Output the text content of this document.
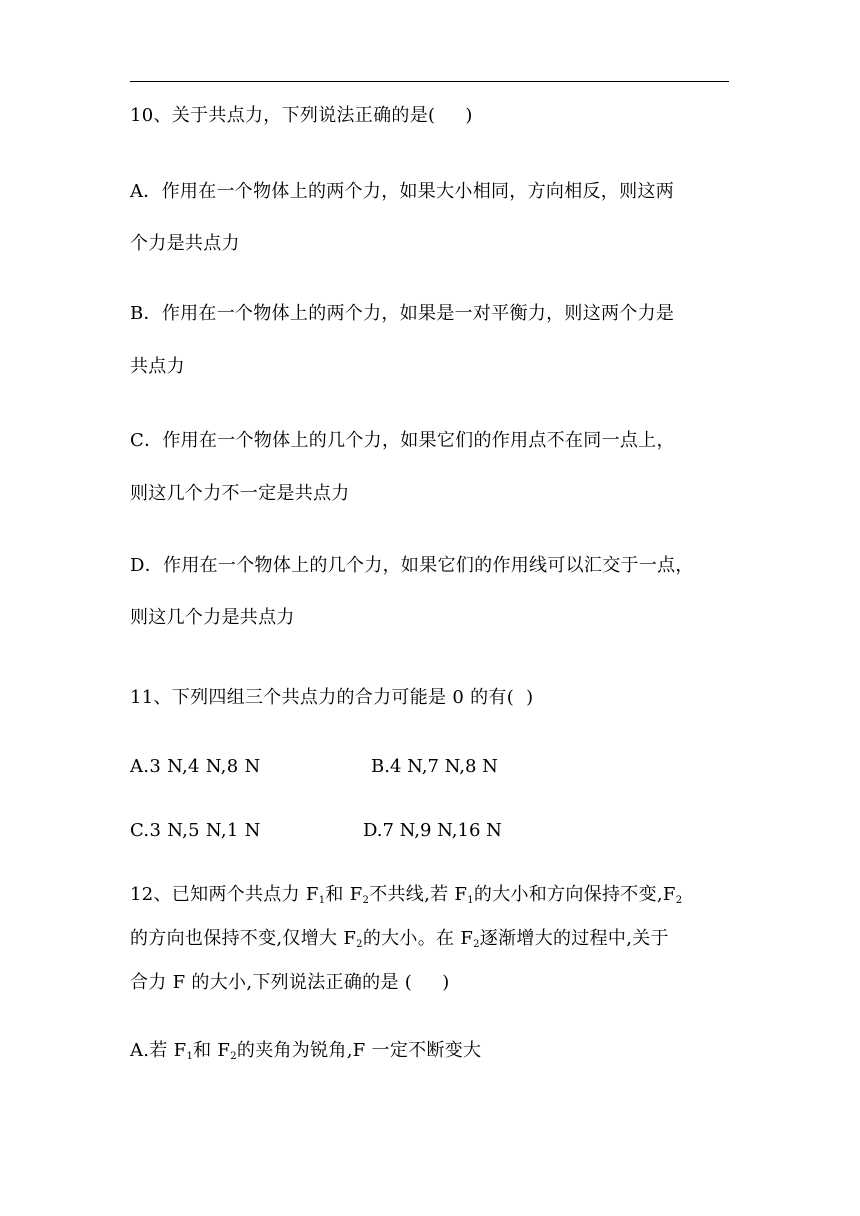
10、关于共点力，下列说法正确的是(     )
A．作用在一个物体上的两个力，如果大小相同，方向相反，则这两
个力是共点力
B．作用在一个物体上的两个力，如果是一对平衡力，则这两个力是
共点力
C．作用在一个物体上的几个力，如果它们的作用点不在同一点上，
则这几个力不一定是共点力
D．作用在一个物体上的几个力，如果它们的作用线可以汇交于一点，
则这几个力是共点力
11、下列四组三个共点力的合力可能是 0 的有(  )
A.3 N,4 N,8 N	B.4 N,7 N,8 N
C.3 N,5 N,1 N	D.7 N,9 N,16 N
12、已知两个共点力 $F_1$和 $F_2$不共线,若 $F_1$的大小和方向保持不变$,F_2$
的方向也保持不变,仅增大 $F_2$的大小。在 $F_2$逐渐增大的过程中,关于
合力 F 的大小,下列说法正确的是 (     )
A.若 $F_1$和 $F_2$的夹角为锐角,F 一定不断变大
